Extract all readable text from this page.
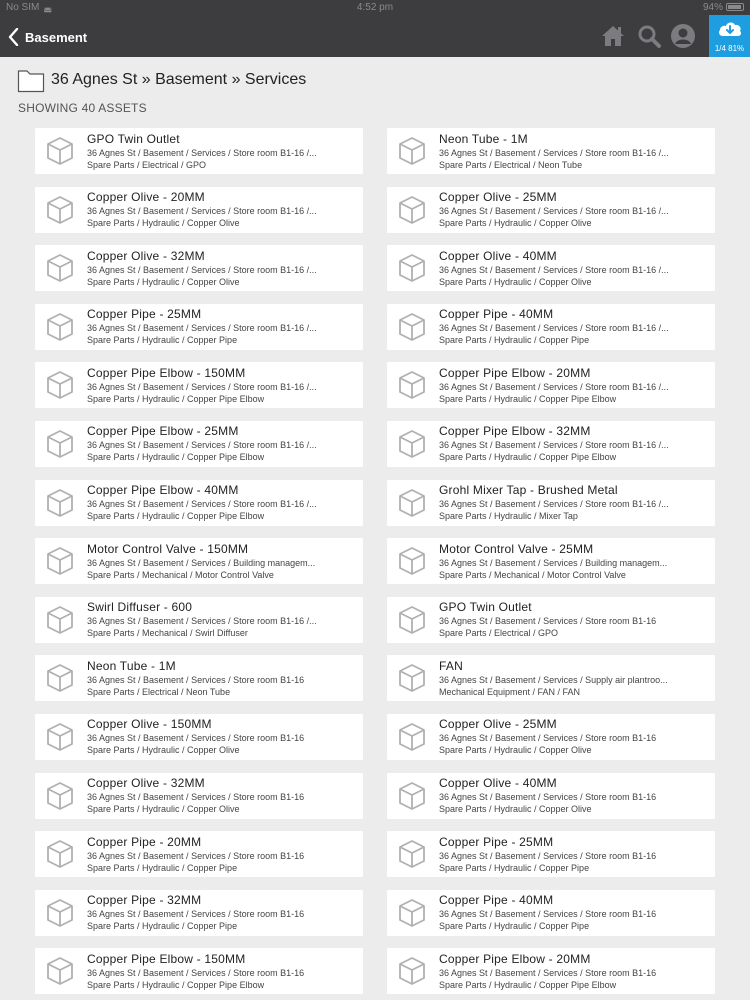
No SIM ◛	4:52 pm	94%
Basement
1/4 81%
36 Agnes St » Basement » Services
SHOWING 40 ASSETS
GPO Twin Outlet
36 Agnes St / Basement / Services / Store room B1-16 /...
Spare Parts / Electrical / GPO
Neon Tube - 1M
36 Agnes St / Basement / Services / Store room B1-16 /...
Spare Parts / Electrical / Neon Tube
Copper Olive - 20MM
36 Agnes St / Basement / Services / Store room B1-16 /...
Spare Parts / Hydraulic / Copper Olive
Copper Olive - 25MM
36 Agnes St / Basement / Services / Store room B1-16 /...
Spare Parts / Hydraulic / Copper Olive
Copper Olive - 32MM
36 Agnes St / Basement / Services / Store room B1-16 /...
Spare Parts / Hydraulic / Copper Olive
Copper Olive - 40MM
36 Agnes St / Basement / Services / Store room B1-16 /...
Spare Parts / Hydraulic / Copper Olive
Copper Pipe - 25MM
36 Agnes St / Basement / Services / Store room B1-16 /...
Spare Parts / Hydraulic / Copper Pipe
Copper Pipe - 40MM
36 Agnes St / Basement / Services / Store room B1-16 /...
Spare Parts / Hydraulic / Copper Pipe
Copper Pipe Elbow - 150MM
36 Agnes St / Basement / Services / Store room B1-16 /...
Spare Parts / Hydraulic / Copper Pipe Elbow
Copper Pipe Elbow - 20MM
36 Agnes St / Basement / Services / Store room B1-16 /...
Spare Parts / Hydraulic / Copper Pipe Elbow
Copper Pipe Elbow - 25MM
36 Agnes St / Basement / Services / Store room B1-16 /...
Spare Parts / Hydraulic / Copper Pipe Elbow
Copper Pipe Elbow - 32MM
36 Agnes St / Basement / Services / Store room B1-16 /...
Spare Parts / Hydraulic / Copper Pipe Elbow
Copper Pipe Elbow - 40MM
36 Agnes St / Basement / Services / Store room B1-16 /...
Spare Parts / Hydraulic / Copper Pipe Elbow
Grohl Mixer Tap - Brushed Metal
36 Agnes St / Basement / Services / Store room B1-16 /...
Spare Parts / Hydraulic / Mixer Tap
Motor Control Valve - 150MM
36 Agnes St / Basement / Services / Building managem...
Spare Parts / Mechanical / Motor Control Valve
Motor Control Valve - 25MM
36 Agnes St / Basement / Services / Building managem...
Spare Parts / Mechanical / Motor Control Valve
Swirl Diffuser - 600
36 Agnes St / Basement / Services / Store room B1-16 /...
Spare Parts / Mechanical / Swirl Diffuser
GPO Twin Outlet
36 Agnes St / Basement / Services / Store room B1-16
Spare Parts / Electrical / GPO
Neon Tube - 1M
36 Agnes St / Basement / Services / Store room B1-16
Spare Parts / Electrical / Neon Tube
FAN
36 Agnes St / Basement / Services / Supply air plantroo...
Mechanical Equipment / FAN / FAN
Copper Olive - 150MM
36 Agnes St / Basement / Services / Store room B1-16
Spare Parts / Hydraulic / Copper Olive
Copper Olive - 25MM
36 Agnes St / Basement / Services / Store room B1-16
Spare Parts / Hydraulic / Copper Olive
Copper Olive - 32MM
36 Agnes St / Basement / Services / Store room B1-16
Spare Parts / Hydraulic / Copper Olive
Copper Olive - 40MM
36 Agnes St / Basement / Services / Store room B1-16
Spare Parts / Hydraulic / Copper Olive
Copper Pipe - 20MM
36 Agnes St / Basement / Services / Store room B1-16
Spare Parts / Hydraulic / Copper Pipe
Copper Pipe - 25MM
36 Agnes St / Basement / Services / Store room B1-16
Spare Parts / Hydraulic / Copper Pipe
Copper Pipe - 32MM
36 Agnes St / Basement / Services / Store room B1-16
Spare Parts / Hydraulic / Copper Pipe
Copper Pipe - 40MM
36 Agnes St / Basement / Services / Store room B1-16
Spare Parts / Hydraulic / Copper Pipe
Copper Pipe Elbow - 150MM
36 Agnes St / Basement / Services / Store room B1-16
Spare Parts / Hydraulic / Copper Pipe Elbow
Copper Pipe Elbow - 20MM
36 Agnes St / Basement / Services / Store room B1-16
Spare Parts / Hydraulic / Copper Pipe Elbow
